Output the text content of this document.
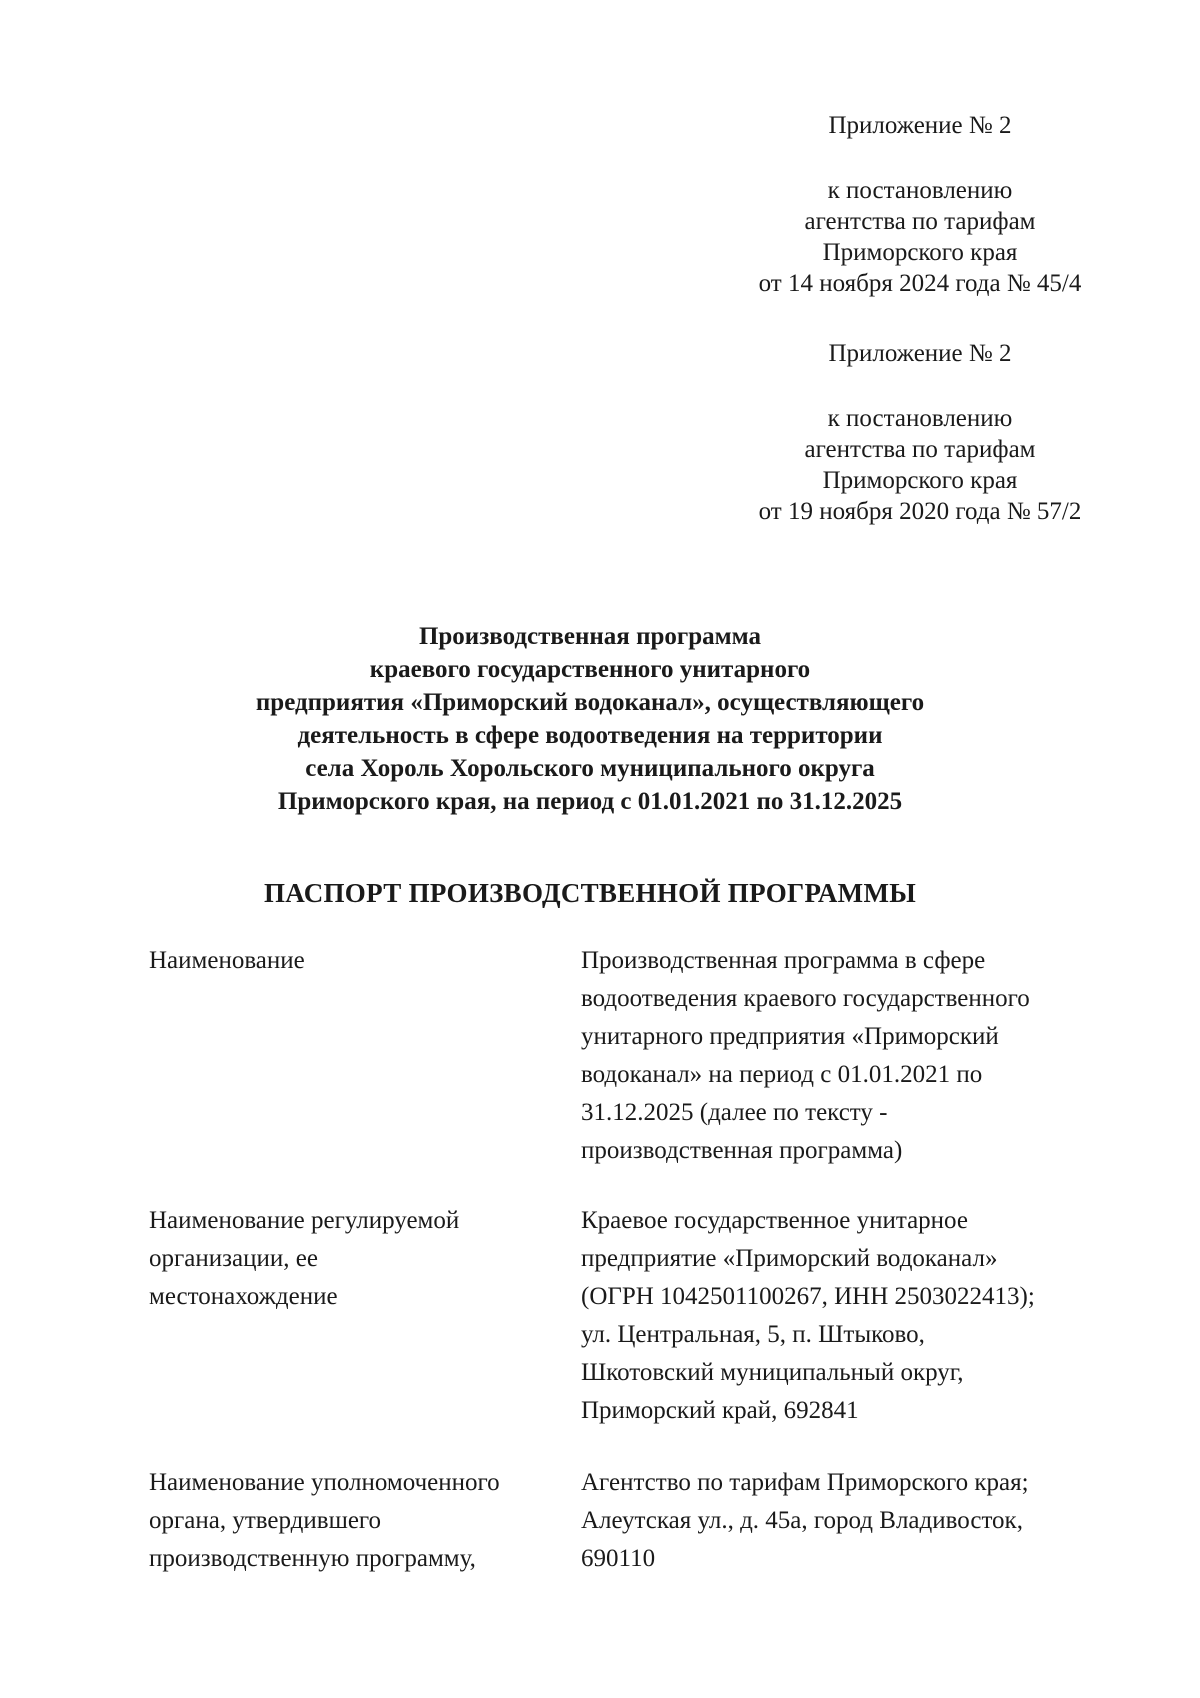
Приложение № 2
к постановлению
агентства по тарифам
Приморского края
от 14 ноября 2024 года № 45/4
Приложение № 2
к постановлению
агентства по тарифам
Приморского края
от 19 ноября 2020 года № 57/2
Производственная программа
краевого государственного унитарного
предприятия «Приморский водоканал», осуществляющего
деятельность в сфере водоотведения на территории
села Хороль Хорольского муниципального округа
Приморского края, на период с 01.01.2021 по 31.12.2025
ПАСПОРТ ПРОИЗВОДСТВЕННОЙ ПРОГРАММЫ
Наименование	Производственная программа в сфере
водоотведения краевого государственного
унитарного предприятия «Приморский
водоканал» на период с 01.01.2021 по
31.12.2025 (далее по тексту -
производственная программа)
Наименование регулируемой
организации, ее
местонахождение
Краевое государственное унитарное
предприятие «Приморский водоканал»
(ОГРН 1042501100267, ИНН 2503022413);
ул. Центральная, 5, п. Штыково,
Шкотовский муниципальный округ,
Приморский край, 692841
Наименование уполномоченного
органа, утвердившего
производственную программу,
Агентство по тарифам Приморского края;
Алеутская ул., д. 45а, город Владивосток,
690110
